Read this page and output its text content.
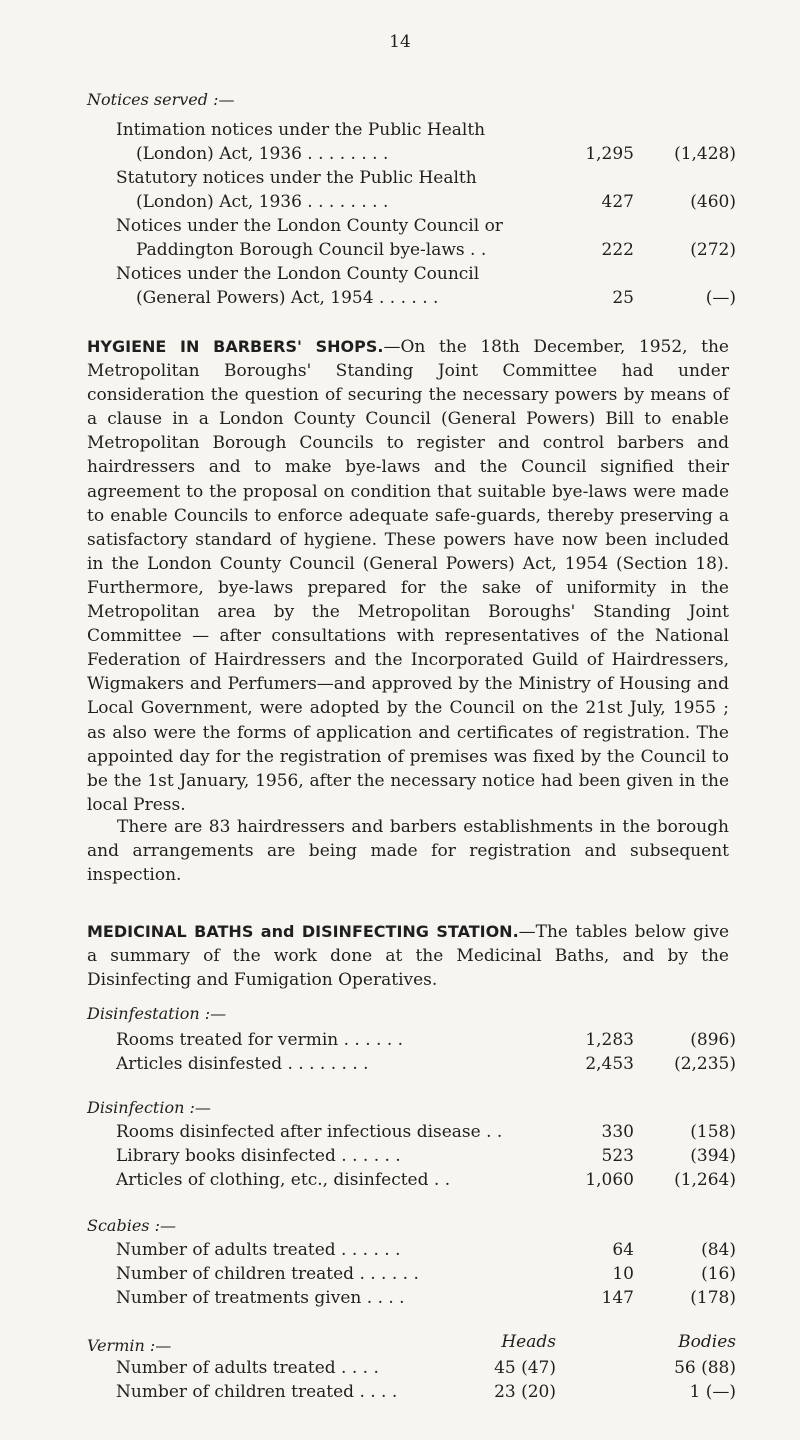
14
Notices served :—
Intimation notices under the Public Health
(London) Act, 1936 . . . . . . . .	1,295	(1,428)
Statutory notices under the Public Health
(London) Act, 1936 . . . . . . . .	427	(460)
Notices under the London County Council or
Paddington Borough Council bye-laws . .	222	(272)
Notices under the London County Council
(General Powers) Act, 1954 . . . . . .	25	(—)
HYGIENE IN BARBERS' SHOPS.—On the 18th December, 1952, the Metropolitan Boroughs' Standing Joint Committee had under consideration the question of securing the necessary powers by means of a clause in a London County Council (General Powers) Bill to enable Metropolitan Borough Councils to register and control barbers and hairdressers and to make bye-laws and the Council signified their agreement to the proposal on condition that suitable bye-laws were made to enable Councils to enforce adequate safe-guards, thereby preserving a satisfactory standard of hygiene. These powers have now been included in the London County Council (General Powers) Act, 1954 (Section 18). Furthermore, bye-laws prepared for the sake of uniformity in the Metropolitan area by the Metropolitan Boroughs' Standing Joint Committee — after consultations with representatives of the National Federation of Hairdressers and the Incorporated Guild of Hairdressers, Wigmakers and Perfumers—and approved by the Ministry of Housing and Local Government, were adopted by the Council on the 21st July, 1955 ; as also were the forms of application and certificates of registration. The appointed day for the registration of premises was fixed by the Council to be the 1st January, 1956, after the necessary notice had been given in the local Press.
There are 83 hairdressers and barbers establishments in the borough and arrangements are being made for registration and subsequent inspection.
MEDICINAL BATHS and DISINFECTING STATION.—The tables below give a summary of the work done at the Medicinal Baths, and by the Disinfecting and Fumigation Operatives.
Disinfestation :—
Rooms treated for vermin . . . . . .	1,283	(896)
Articles disinfested . . . . . . . .	2,453	(2,235)
Disinfection :—
Rooms disinfected after infectious disease . .	330	(158)
Library books disinfected . . . . . .	523	(394)
Articles of clothing, etc., disinfected . .	1,060	(1,264)
Scabies :—
Number of adults treated . . . . . .	64	(84)
Number of children treated . . . . . .	10	(16)
Number of treatments given . . . .	147	(178)
Vermin :—	Heads	Bodies
Number of adults treated . . . .	45 (47)	56 (88)
Number of children treated . . . .	23 (20)	1 (—)
